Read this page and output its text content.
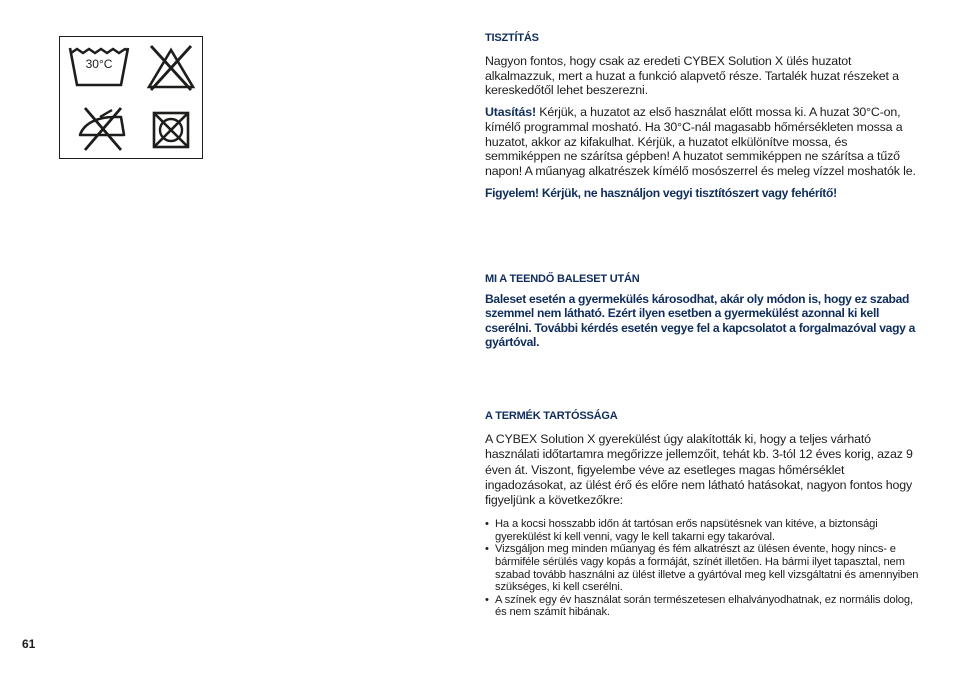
30°C
TISZTÍTÁS

Nagyon fontos, hogy csak az eredeti CYBEX Solution X ülés huzatot alkalmazzuk, mert a huzat a funkció alapvető része. Tartalék huzat részeket a kereskedőtől lehet beszerezni.

Utasítás! Kérjük, a huzatot az első használat előtt mossa ki. A huzat 30°C-on, kímélő programmal mosható. Ha 30°C-nál magasabb hőmérsékleten mossa a huzatot, akkor az kifakulhat. Kérjük, a huzatot elkülönítve mossa, és semmiképpen ne szárítsa gépben! A huzatot semmiképpen ne szárítsa a tűző napon! A műanyag alkatrészek kímélő mosószerrel és meleg vízzel moshatók le.

Figyelem! Kérjük, ne használjon vegyi tisztítószert vagy fehérítő!

MI A TEENDŐ BALESET UTÁN

Baleset esetén a gyermekülés károsodhat, akár oly módon is, hogy ez szabad szemmel nem látható. Ezért ilyen esetben a gyermekülést azonnal ki kell cserélni. További kérdés esetén vegye fel a kapcsolatot a forgalmazóval vagy a gyártóval.

A TERMÉK TARTÓSSÁGA

A CYBEX Solution X gyerekülést úgy alakították ki, hogy a teljes várható használati időtartamra megőrizze jellemzőit, tehát kb. 3-tól 12 éves korig, azaz 9 éven át. Viszont, figyelembe véve az esetleges magas hőmérséklet ingadozásokat, az ülést érő és előre nem látható hatásokat, nagyon fontos hogy figyeljünk a következőkre:

• Ha a kocsi hosszabb időn át tartósan erős napsütésnek van kitéve, a biztonsági gyerekülést ki kell venni, vagy le kell takarni egy takaróval.
• Vizsgáljon meg minden műanyag és fém alkatrészt az ülésen évente, hogy nincs- e bármiféle sérülés vagy kopás a formáját, színét illetően. Ha bármi ilyet tapasztal, nem szabad tovább használni az ülést illetve a gyártóval meg kell vizsgáltatni és amennyiben szükséges, ki kell cserélni.
• A színek egy év használat során természetesen elhalványodhatnak, ez normális dolog, és nem számít hibának.
61
